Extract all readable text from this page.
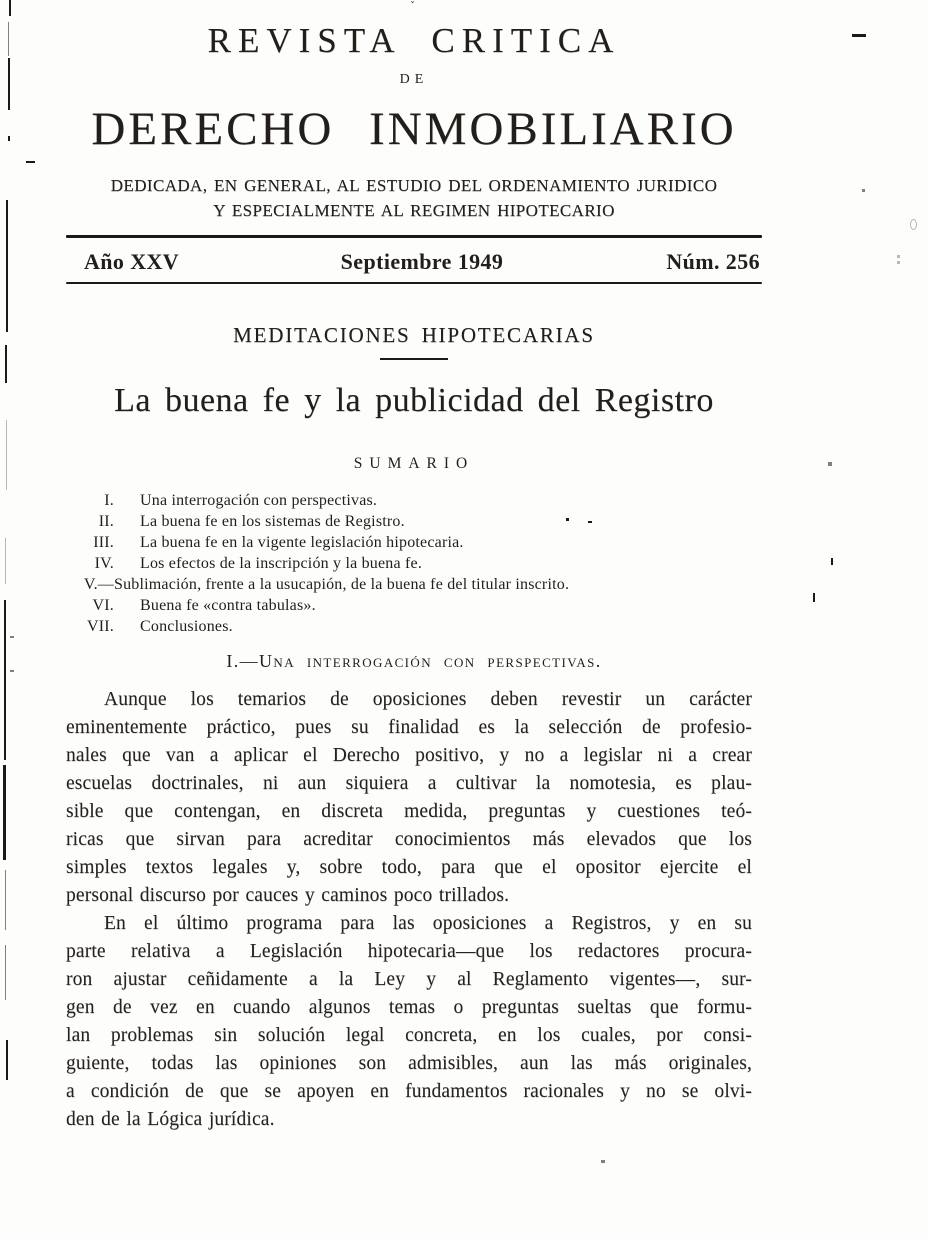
REVISTA CRITICA
DE
DERECHO INMOBILIARIO
DEDICADA, EN GENERAL, AL ESTUDIO DEL ORDENAMIENTO JURIDICO
Y ESPECIALMENTE AL REGIMEN HIPOTECARIO
Año XXV	Septiembre 1949	Núm. 256
MEDITACIONES HIPOTECARIAS
La buena fe y la publicidad del Registro
SUMARIO
I. Una interrogación con perspectivas.
II. La buena fe en los sistemas de Registro.
III. La buena fe en la vigente legislación hipotecaria.
IV. Los efectos de la inscripción y la buena fe.
V.— Sublimación, frente a la usucapión, de la buena fe del titular inscrito.
VI. Buena fe «contra tabulas».
VII. Conclusiones.
I.—Una interrogación con perspectivas.
Aunque los temarios de oposiciones deben revestir un carácter
eminentemente práctico, pues su finalidad es la selección de profesio-
nales que van a aplicar el Derecho positivo, y no a legislar ni a crear
escuelas doctrinales, ni aun siquiera a cultivar la nomotesia, es plau-
sible que contengan, en discreta medida, preguntas y cuestiones teó-
ricas que sirvan para acreditar conocimientos más elevados que los
simples textos legales y, sobre todo, para que el opositor ejercite el
personal discurso por cauces y caminos poco trillados.
En el último programa para las oposiciones a Registros, y en su
parte relativa a Legislación hipotecaria—que los redactores procura-
ron ajustar ceñidamente a la Ley y al Reglamento vigentes—, sur-
gen de vez en cuando algunos temas o preguntas sueltas que formu-
lan problemas sin solución legal concreta, en los cuales, por consi-
guiente, todas las opiniones son admisibles, aun las más originales,
a condición de que se apoyen en fundamentos racionales y no se olvi-
den de la Lógica jurídica.
ˇ
